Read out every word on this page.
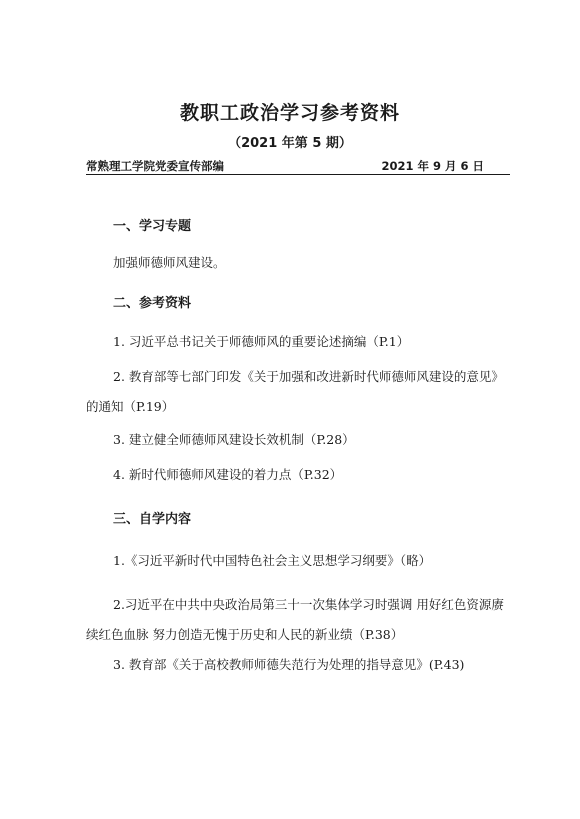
教职工政治学习参考资料
（2021 年第 5 期）
常熟理工学院党委宣传部编	2021 年 9 月 6 日
一、学习专题
加强师德师风建设。
二、参考资料
1. 习近平总书记关于师德师风的重要论述摘编（P.1）
2. 教育部等七部门印发《关于加强和改进新时代师德师风建设的意见》的通知（P.19）
3. 建立健全师德师风建设长效机制（P.28）
4. 新时代师德师风建设的着力点（P.32）
三、自学内容
1.《习近平新时代中国特色社会主义思想学习纲要》（略）
2.习近平在中共中央政治局第三十一次集体学习时强调 用好红色资源赓续红色血脉 努力创造无愧于历史和人民的新业绩（P.38）
3. 教育部《关于高校教师师德失范行为处理的指导意见》(P.43)
